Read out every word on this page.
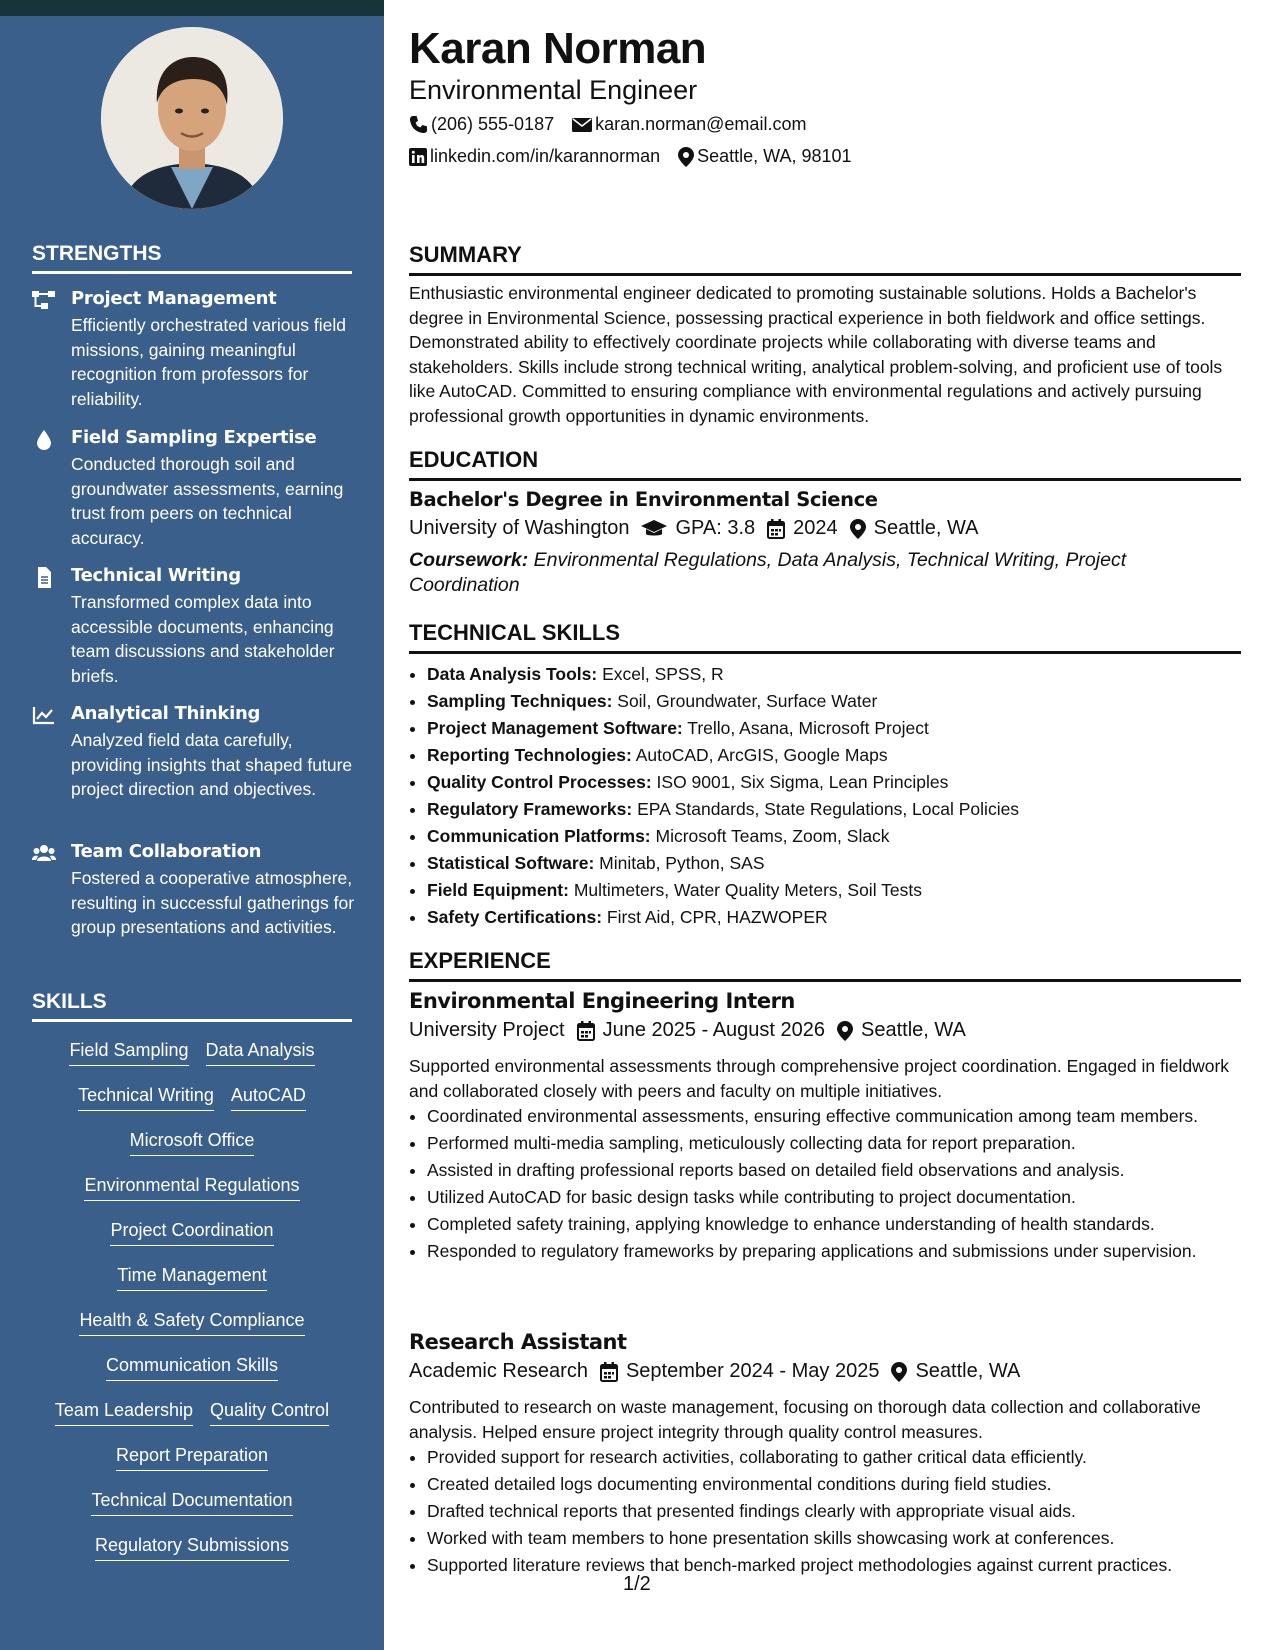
STRENGTHS
Project Management
Efficiently orchestrated various field missions, gaining meaningful recognition from professors for reliability.
Field Sampling Expertise
Conducted thorough soil and groundwater assessments, earning trust from peers on technical accuracy.
Technical Writing
Transformed complex data into accessible documents, enhancing team discussions and stakeholder briefs.
Analytical Thinking
Analyzed field data carefully, providing insights that shaped future project direction and objectives.
Team Collaboration
Fostered a cooperative atmosphere, resulting in successful gatherings for group presentations and activities.
SKILLS
Field Sampling Data Analysis
Technical Writing AutoCAD
Microsoft Office
Environmental Regulations
Project Coordination
Time Management
Health & Safety Compliance
Communication Skills
Team Leadership Quality Control
Report Preparation
Technical Documentation
Regulatory Submissions
Karan Norman
Environmental Engineer
(206) 555-0187 karan.norman@email.com
linkedin.com/in/karannorman Seattle, WA, 98101
SUMMARY
Enthusiastic environmental engineer dedicated to promoting sustainable solutions. Holds a Bachelor's degree in Environmental Science, possessing practical experience in both fieldwork and office settings. Demonstrated ability to effectively coordinate projects while collaborating with diverse teams and stakeholders. Skills include strong technical writing, analytical problem-solving, and proficient use of tools like AutoCAD. Committed to ensuring compliance with environmental regulations and actively pursuing professional growth opportunities in dynamic environments.
EDUCATION
Bachelor's Degree in Environmental Science
University of Washington GPA: 3.8 2024 Seattle, WA
Coursework: Environmental Regulations, Data Analysis, Technical Writing, Project Coordination
TECHNICAL SKILLS
• Data Analysis Tools: Excel, SPSS, R
• Sampling Techniques: Soil, Groundwater, Surface Water
• Project Management Software: Trello, Asana, Microsoft Project
• Reporting Technologies: AutoCAD, ArcGIS, Google Maps
• Quality Control Processes: ISO 9001, Six Sigma, Lean Principles
• Regulatory Frameworks: EPA Standards, State Regulations, Local Policies
• Communication Platforms: Microsoft Teams, Zoom, Slack
• Statistical Software: Minitab, Python, SAS
• Field Equipment: Multimeters, Water Quality Meters, Soil Tests
• Safety Certifications: First Aid, CPR, HAZWOPER
EXPERIENCE
Environmental Engineering Intern
University Project June 2025 - August 2026 Seattle, WA
Supported environmental assessments through comprehensive project coordination. Engaged in fieldwork and collaborated closely with peers and faculty on multiple initiatives.
• Coordinated environmental assessments, ensuring effective communication among team members.
• Performed multi-media sampling, meticulously collecting data for report preparation.
• Assisted in drafting professional reports based on detailed field observations and analysis.
• Utilized AutoCAD for basic design tasks while contributing to project documentation.
• Completed safety training, applying knowledge to enhance understanding of health standards.
• Responded to regulatory frameworks by preparing applications and submissions under supervision.
Research Assistant
Academic Research September 2024 - May 2025 Seattle, WA
Contributed to research on waste management, focusing on thorough data collection and collaborative analysis. Helped ensure project integrity through quality control measures.
• Provided support for research activities, collaborating to gather critical data efficiently.
• Created detailed logs documenting environmental conditions during field studies.
• Drafted technical reports that presented findings clearly with appropriate visual aids.
• Worked with team members to hone presentation skills showcasing work at conferences.
• Supported literature reviews that bench-marked project methodologies against current practices.
1/2
